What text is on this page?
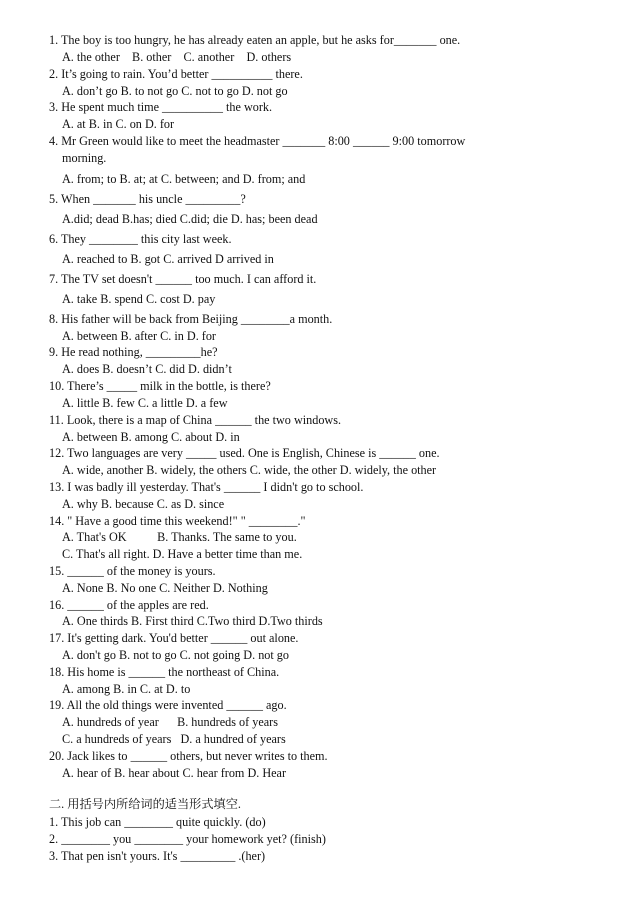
1. The boy is too hungry, he has already eaten an apple, but he asks for_______ one.
A. the other    B. other    C. another    D. others
2. It’s going to rain. You’d better __________ there.
A. don’t go B. to not go C. not to go D. not go
3. He spent much time __________ the work.
A. at B. in C. on D. for
4. Mr Green would like to meet the headmaster _______ 8:00 ______ 9:00 tomorrow
morning.
A. from; to B. at; at C. between; and D. from; and
5. When _______ his uncle _________?
A.did; dead B.has; died C.did; die D. has; been dead
6. They ________ this city last week.
A. reached to B. got C. arrived D arrived in
7. The TV set doesn't ______ too much. I can afford it.
A. take B. spend C. cost D. pay
8. His father will be back from Beijing ________a month.
A. between B. after C. in D. for
9. He read nothing, _________he?
A. does B. doesn’t C. did D. didn’t
10. There’s _____ milk in the bottle, is there?
A. little B. few C. a little D. a few
11. Look, there is a map of China ______ the two windows.
A. between B. among C. about D. in
12. Two languages are very _____ used. One is English, Chinese is ______ one.
A. wide, another B. widely, the others C. wide, the other D. widely, the other
13. I was badly ill yesterday. That's ______ I didn't go to school.
A. why B. because C. as D. since
14. " Have a good time this weekend!" " ________."
A. That's OK          B. Thanks. The same to you.
C. That's all right. D. Have a better time than me.
15. ______ of the money is yours.
A. None B. No one C. Neither D. Nothing
16. ______ of the apples are red.
A. One thirds B. First third C.Two third D.Two thirds
17. It's getting dark. You'd better ______ out alone.
A. don't go B. not to go C. not going D. not go
18. His home is ______ the northeast of China.
A. among B. in C. at D. to
19. All the old things were invented ______ ago.
A. hundreds of year      B. hundreds of years
C. a hundreds of years   D. a hundred of years
20. Jack likes to ______ others, but never writes to them.
A. hear of B. hear about C. hear from D. Hear
二. 用括号内所给词的适当形式填空.
1. This job can ________ quite quickly. (do)
2. ________ you ________ your homework yet? (finish)
3. That pen isn't yours. It's _________ .(her)
